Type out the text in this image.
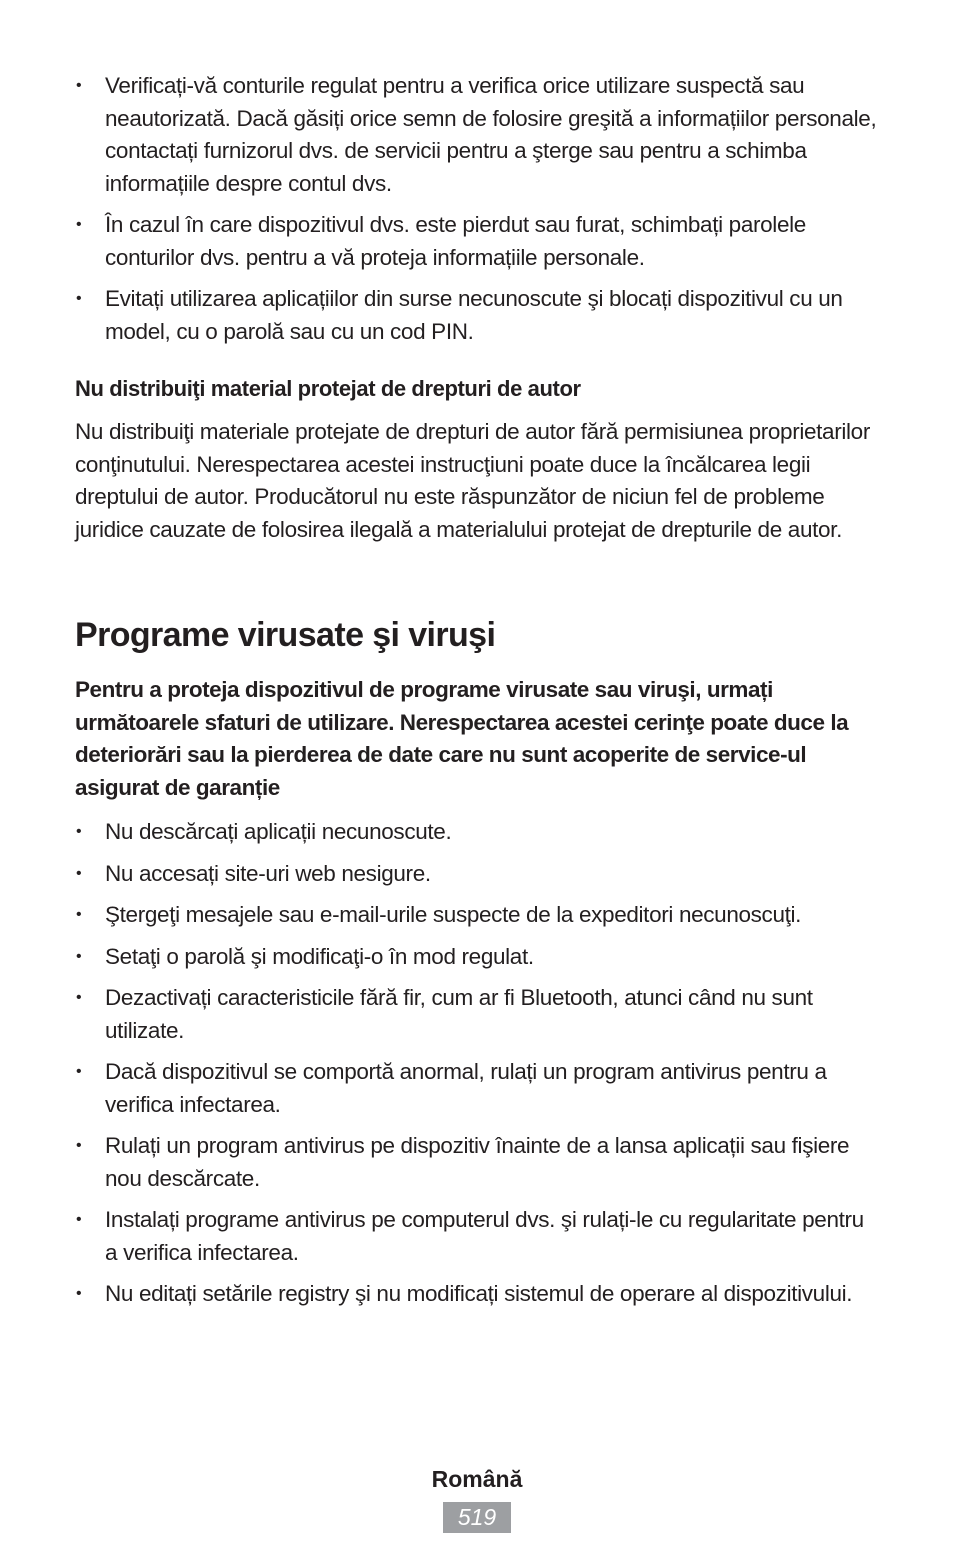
• Verificați-vă conturile regulat pentru a verifica orice utilizare suspectă sau neautorizată. Dacă găsiți orice semn de folosire greşită a informațiilor personale, contactați furnizorul dvs. de servicii pentru a şterge sau pentru a schimba informațiile despre contul dvs.
• În cazul în care dispozitivul dvs. este pierdut sau furat, schimbați parolele conturilor dvs. pentru a vă proteja informațiile personale.
• Evitați utilizarea aplicațiilor din surse necunoscute şi blocați dispozitivul cu un model, cu o parolă sau cu un cod PIN.
Nu distribuiţi material protejat de drepturi de autor

Nu distribuiţi materiale protejate de drepturi de autor fără permisiunea proprietarilor conţinutului. Nerespectarea acestei instrucţiuni poate duce la încălcarea legii dreptului de autor. Producătorul nu este răspunzător de niciun fel de probleme juridice cauzate de folosirea ilegală a materialului protejat de drepturile de autor.

Programe virusate şi viruşi

Pentru a proteja dispozitivul de programe virusate sau viruşi, urmați următoarele sfaturi de utilizare. Nerespectarea acestei cerinţe poate duce la deteriorări sau la pierderea de date care nu sunt acoperite de service-ul asigurat de garanție

• Nu descărcați aplicații necunoscute.
• Nu accesați site-uri web nesigure.
• Ştergeţi mesajele sau e-mail-urile suspecte de la expeditori necunoscuţi.
• Setaţi o parolă şi modificaţi-o în mod regulat.
• Dezactivați caracteristicile fără fir, cum ar fi Bluetooth, atunci când nu sunt utilizate.
• Dacă dispozitivul se comportă anormal, rulați un program antivirus pentru a verifica infectarea.
• Rulați un program antivirus pe dispozitiv înainte de a lansa aplicații sau fişiere nou descărcate.
• Instalați programe antivirus pe computerul dvs. şi rulați-le cu regularitate pentru a verifica infectarea.
• Nu editați setările registry şi nu modificați sistemul de operare al dispozitivului.
Română
519
